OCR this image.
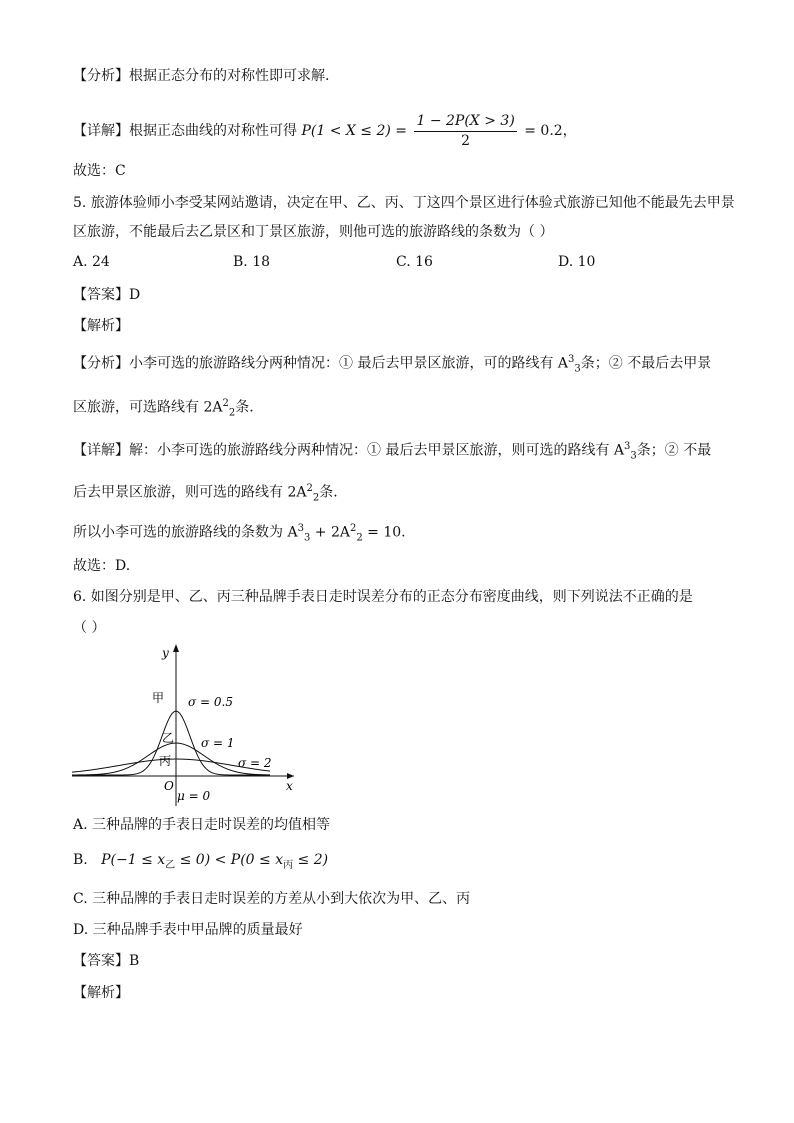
【分析】根据正态分布的对称性即可求解.
【详解】根据正态曲线的对称性可得 $P(1 < X \le 2) = \frac{1 - 2P(X > 3)}{2} = 0.2$，
故选：C
5. 旅游体验师小李受某网站邀请，决定在甲、乙、丙、丁这四个景区进行体验式旅游已知他不能最先去甲景
区旅游，不能最后去乙景区和丁景区旅游，则他可选的旅游路线的条数为（ ）
A. 24	B. 18	C. 16	D. 10
【答案】D
【解析】
【分析】小李可选的旅游路线分两种情况：① 最后去甲景区旅游，可的路线有 $A^3_3$条；② 不最后去甲景
区旅游，可选路线有 $2A^2_2$条.
【详解】解：小李可选的旅游路线分两种情况：① 最后去甲景区旅游，则可选的路线有 $A^3_3$条；② 不最
后去甲景区旅游，则可选的路线有 $2A^2_2$条.
所以小李可选的旅游路线的条数为 $A^3_3 + 2A^2_2 = 10$.
故选：D.
6. 如图分别是甲、乙、丙三种品牌手表日走时误差分布的正态分布密度曲线，则下列说法不正确的是
（ ）
y
x
O
μ = 0
甲
乙
丙
σ = 0.5
σ = 1
σ = 2
A. 三种品牌的手表日走时误差的均值相等
B. $P(-1 \le x_乙 \le 0) < P(0 \le x_丙 \le 2)$
C. 三种品牌的手表日走时误差的方差从小到大依次为甲、乙、丙
D. 三种品牌手表中甲品牌的质量最好
【答案】B
【解析】
